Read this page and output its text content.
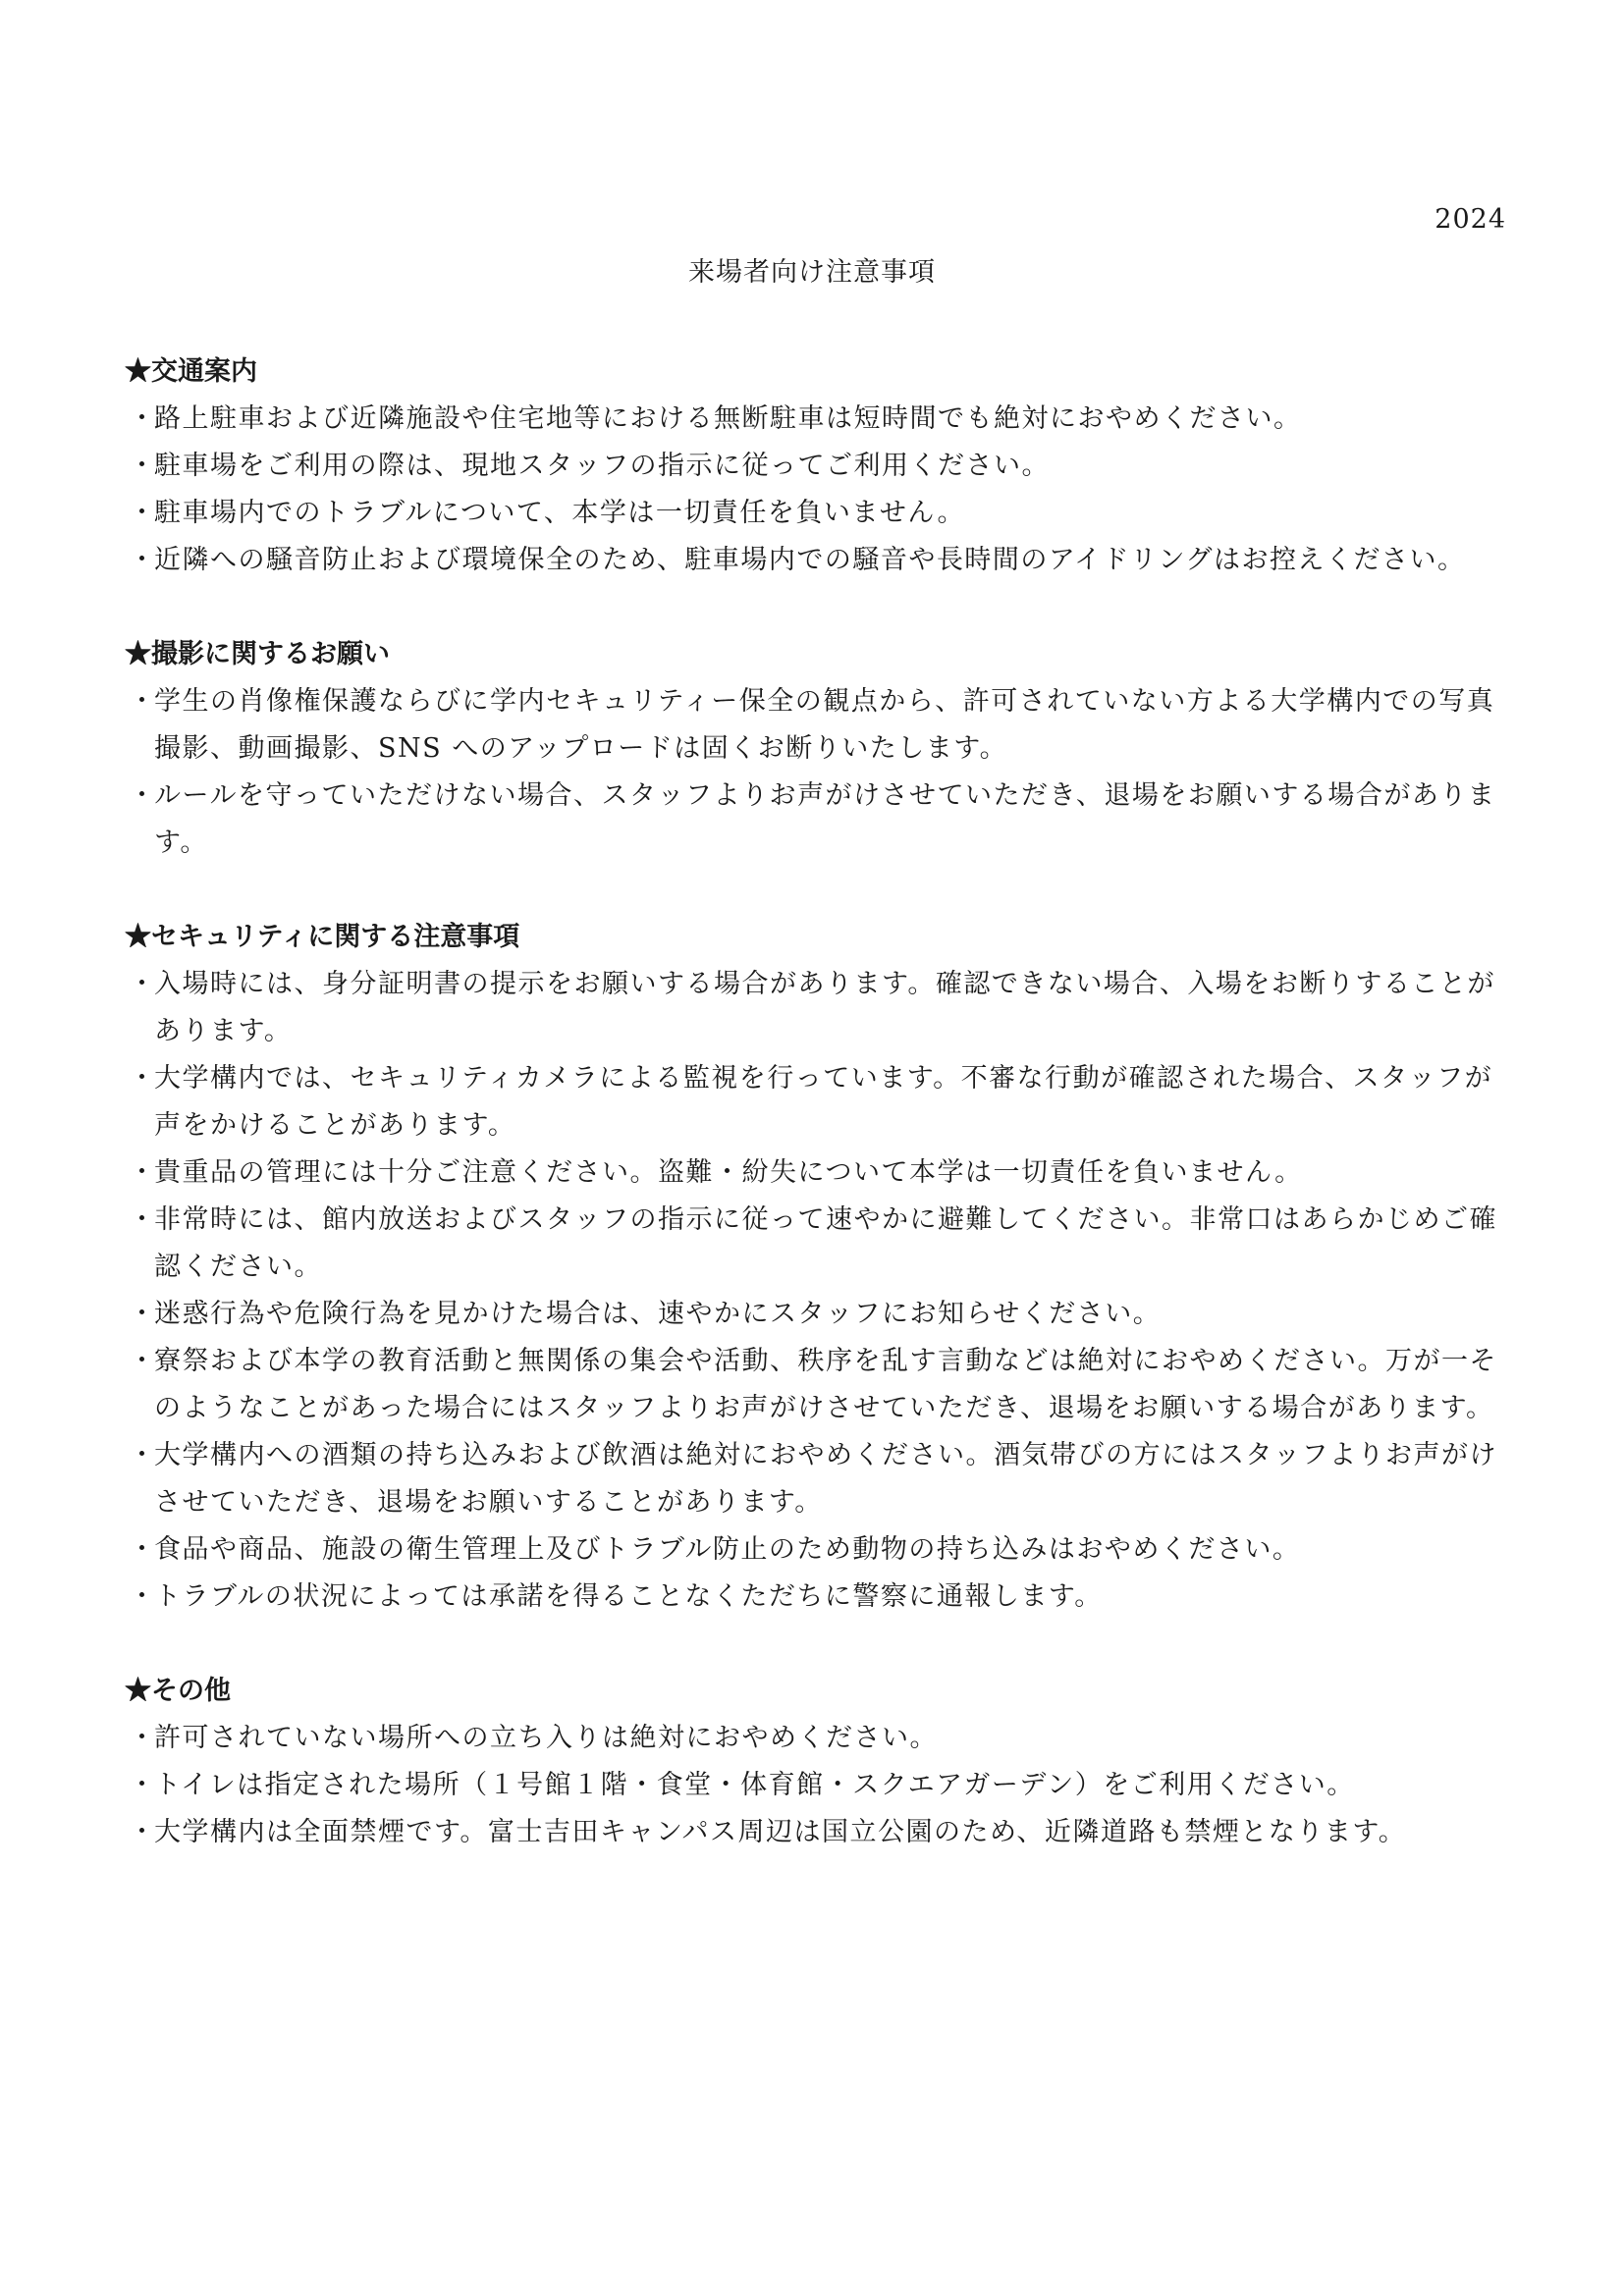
2024
来場者向け注意事項
★交通案内
・
路上駐車および近隣施設や住宅地等における無断駐車は短時間でも絶対におやめください。
・
駐車場をご利用の際は、現地スタッフの指示に従ってご利用ください。
・
駐車場内でのトラブルについて、本学は一切責任を負いません。
・
近隣への騒音防止および環境保全のため、駐車場内での騒音や長時間のアイドリングはお控えください。
★撮影に関するお願い
・
学生の肖像権保護ならびに学内セキュリティー保全の観点から、許可されていない方よる大学構内での写真撮影、動画撮影、SNS へのアップロードは固くお断りいたします。
・
ルールを守っていただけない場合、スタッフよりお声がけさせていただき、退場をお願いする場合があります。
★セキュリティに関する注意事項
・
入場時には、身分証明書の提示をお願いする場合があります。確認できない場合、入場をお断りすることがあります。
・
大学構内では、セキュリティカメラによる監視を行っています。不審な行動が確認された場合、スタッフが声をかけることがあります。
・
貴重品の管理には十分ご注意ください。盗難・紛失について本学は一切責任を負いません。
・
非常時には、館内放送およびスタッフの指示に従って速やかに避難してください。非常口はあらかじめご確認ください。
・
迷惑行為や危険行為を見かけた場合は、速やかにスタッフにお知らせください。
・
寮祭および本学の教育活動と無関係の集会や活動、秩序を乱す言動などは絶対におやめください。万が一そのようなことがあった場合にはスタッフよりお声がけさせていただき、退場をお願いする場合があります。
・
大学構内への酒類の持ち込みおよび飲酒は絶対におやめください。酒気帯びの方にはスタッフよりお声がけさせていただき、退場をお願いすることがあります。
・
食品や商品、施設の衛生管理上及びトラブル防止のため動物の持ち込みはおやめください。
・
トラブルの状況によっては承諾を得ることなくただちに警察に通報します。
★その他
・
許可されていない場所への立ち入りは絶対におやめください。
・
トイレは指定された場所（１号館１階・食堂・体育館・スクエアガーデン）をご利用ください。
・
大学構内は全面禁煙です。富士吉田キャンパス周辺は国立公園のため、近隣道路も禁煙となります。
